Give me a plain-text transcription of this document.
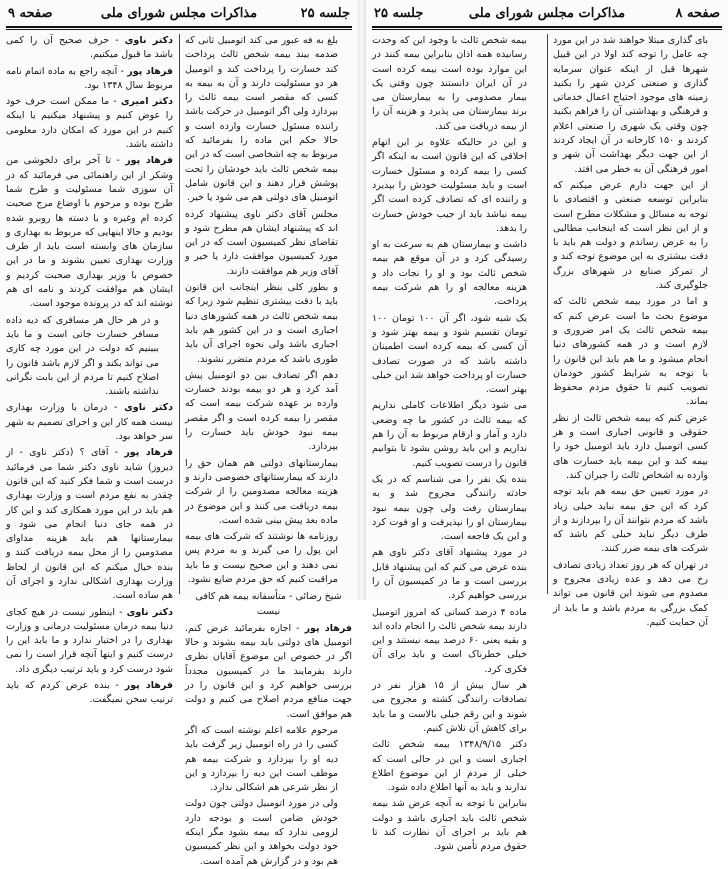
جلسه ۲۵
مذاکرات مجلس شورای ملی
صفحه ۹

بلغ به فه عبور می کند اتومبیل ثانی که صدمه بیند بیمه شخص ثالث پرداخت کند خسارت را پرداخت کند و اتومبیل هر دو مسئولیت دارند و آن به بیمه به کسی که مقصر است بیمه ثالث را بپردازد ولی اگر اتومبیل در حرکت باشد راننده مسئول خسارت وارده است و حالا حکم این ماده را بفرمائید که مربوط به چه اشخاصی است که در این بیمه شخص ثالث باید خودشان را تحت پوشش قرار دهند و این قانون شامل اتومبیل های دولتی هم می شود یا خیر.

مجلس آقای دکتر ناوی پیشنهاد کرده اند که پیشنهاد ایشان هم مطرح شود و تقاضای نظر کمیسیون است که در این مورد کمیسیون موافقت دارد یا خیر و آقای وزیر هم موافقت دارند.

و بطور کلی بنظر اینجانب این قانون باید با دقت بیشتری تنظیم شود زیرا که بیمه شخص ثالث در همه کشورهای دنیا اجباری است و در این کشور هم باید اجباری باشد ولی نحوه اجرای آن باید طوری باشد که مردم متضرر نشوند.

دهم اگر تصادف بین دو اتومبیل پیش آمد کرد و هر دو بیمه بودند خسارت وارده بر عهده شرکت بیمه است که مقصر را بیمه کرده است و اگر مقصر بیمه نبود خودش باید خسارت را بپردازد.

بیمارستانهای دولتی هم همان حق را دارند که بیمارستانهای خصوصی دارند و هزینه معالجه مصدومین را از شرکت بیمه دریافت می کنند و این موضوع در ماده بعد پیش بینی شده است.

روزنامه ها نوشتند که شرکت های بیمه این پول را می گیرند و به مردم پس نمی دهند و این صحیح نیست و ما باید مراقبت کنیم که حق مردم ضایع نشود.

شیخ رضائی - متأسفانه بیمه هم کافی نیست

فرهاد پور - اجازه بفرمائید عرض کنم. اتومبیل های دولتی باید بیمه بشوند و حالا اگر در خصوص این موضوع آقایان نظری دارند بفرمایند ما در کمیسیون مجدداً بررسی خواهیم کرد و این قانون را در جهت منافع مردم اصلاح می کنیم و دولت هم موافق است.

مرحوم علامه اعلم نوشته است که اگر کسی را در راه اتومبیل زیر گرفت باید دیه او را بپردازد و شرکت بیمه هم موظف است این دیه را بپردازد و این از نظر شرعی هم اشکالی ندارد.

ولی در مورد اتومبیل دولتی چون دولت خودش ضامن است و بودجه دارد لزومی ندارد که بیمه بشود مگر اینکه خود دولت بخواهد و این نظر کمیسیون هم بود و در گزارش هم آمده است.

دکتر ناوی - حرف صحیح آن را کمی باشد ما قبول میکنیم.

فرهاد پور - آنچه راجع به ماده اتمام نامه مربوط سال ۱۳۴۸ بود.

دکتر امیری - ما ممکن است حرف خود را عوض کنیم و پیشنهاد میکنیم یا اینکه کنیم در این مورد که امکان دارد معلومی داشته باشد.

فرهاد پور - تا آخر برای دلخوشی من وشکر از این راهنمائی می فرمائید که در آن سوزی شما مسئولیت و طرح شما طرح بوده و مرحوم با اوضاع مرج صحبت کرده ام وغیره و با دسته ها روبرو شده بودیم و حالا اینهایی که مربوط به بهداری و سازمان های وابسته است باید از طرف وزارت بهداری تعیین بشوند و ما در این خصوص با وزیر بهداری صحبت کردیم و ایشان هم موافقت کردند و نامه ای هم نوشته اند که در پرونده موجود است.

و در هر حال هر مسافری که دیه داده مسافر خسارت جانی است و ما باید ببینیم که دولت در این مورد چه کاری می تواند بکند و اگر لازم باشد قانون را اصلاح کنیم تا مردم از این بابت نگرانی نداشته باشند.

دکتر ناوی - درمان با وزارت بهداری نیست همه کار این و اجرای تصمیم به شهر سر خواهد بود.

فرهاد پور - آقای ؟ (دکتر ناوی - از دیروز) شاید ناوی دکتر شما می فرمائید درست است و شما فکر کنید که این قانون چقدر به نفع مردم است و وزارت بهداری هم باید در این مورد همکاری کند و این کار در همه جای دنیا انجام می شود و بیمارستانها هم باید هزینه مداوای مصدومین را از محل بیمه دریافت کنند و بنده خیال میکنم که این قانون از لحاظ وزارت بهداری اشکالی ندارد و اجرای آن هم ساده است.

دکتر ناوی - اینطور نیست در هیچ کجای دنیا بیمه درمان مسئولیت درمانی و وزارت بهداری را در اختیار ندارد و ما باید این را درست کنیم و اینها آنچه قرار است را نمی شود درست کرد و باید ترتیب دیگری داد.

فرهاد پور - بنده عرض کردم که باید ترتیب سخن نمیگفت.

صفحه ۸
مذاکرات مجلس شورای ملی
جلسه ۲۵

بای گذاری مبتلا خواهند شد در این مورد چه عامل را توجه کند اولا در این قبیل شهرها قبل از اینکه عنوان سرمایه گذاری و صنعتی کردن شهر را بکنید زمینه های موجود احتیاج اعمال خدماتی و فرهنگی و بهداشتی آن را فراهم بکنید چون وقتی یک شهری را صنعتی اعلام کردند و ۱۵۰ کارخانه در آن ایجاد کردند از این جهت دیگر بهداشت آن شهر و امور فرهنگی آن به خطر می افتد.

از این جهت دارم عرض میکنم که بنابراین توسعه صنعتی و اقتصادی با توجه به مسائل و مشکلات مطرح است و از این نظر است که اینجانب مطالبی را به عرض رساندم و دولت هم باید با دقت بیشتری به این موضوع توجه کند و از تمرکز صنایع در شهرهای بزرگ جلوگیری کند.

و اما در مورد بیمه شخص ثالث که موضوع بحث ما است عرض کنم که بیمه شخص ثالث یک امر ضروری و لازم است و در همه کشورهای دنیا انجام میشود و ما هم باید این قانون را با توجه به شرایط کشور خودمان تصویب کنیم تا حقوق مردم محفوظ بماند.

عرض کنم که بیمه شخص ثالث از نظر حقوقی و قانونی اجباری است و هر کسی اتومبیل دارد باید اتومبیل خود را بیمه کند و این بیمه باید خسارت های وارده به اشخاص ثالث را جبران کند.

در مورد تعیین حق بیمه هم باید توجه کرد که این حق بیمه نباید خیلی زیاد باشد که مردم نتوانند آن را بپردازند و از طرف دیگر نباید خیلی کم باشد که شرکت های بیمه ضرر کنند.

در تهران که هر روز تعداد زیادی تصادف رخ می دهد و عده زیادی مجروح و مصدوم می شوند این قانون می تواند کمک بزرگی به مردم باشد و ما باید از آن حمایت کنیم.

بیمه شخص ثالث با وجود این که وحدت رسانیده همه اذان بنابراین بیمه کنند در این موارد بوده است بیمه کرده است در آن ایران دانستند چون وقتی یک بیمار مصدومی را به بیمارستان می برند بیمارستان می پذیرد و هزینه آن را از بیمه دریافت می کند.

و این در حالیکه علاوه بر این اتهام اخلاقی که این قانون است به اینکه اگر کسی را بیمه کرده و مسئول خسارت است و باید مسئولیت خودش را بپذیرد و راننده ای که تصادف کرده است اگر بیمه نباشد باید از جیب خودش خسارت را بدهد.

داشت و بیمارستان هم به سرعت به او رسیدگی کرد و در آن موقع هم بیمه شخص ثالث بود و او را نجات داد و هزینه معالجه او را هم شرکت بیمه پرداخت.

یک شبه شود، اگر آن ۱۰۰ تومان ۱۰۰ تومان تقسیم شود و بیمه بهتر شود و آن کسی که بیمه کرده است اطمینان داشته باشد که در صورت تصادف خسارت او پرداخت خواهد شد این خیلی بهتر است.

می شود دیگر اطلاعات کاملی نداریم که بیمه ثالث در کشور ما چه وضعی دارد و آمار و ارقام مربوط به آن را هم نداریم و این باید روشن بشود تا بتوانیم قانون را درست تصویب کنیم.

بنده یک نفر را می شناسم که در یک حادثه رانندگی مجروح شد و به بیمارستان رفت ولی چون بیمه نبود بیمارستان او را نپذیرفت و او فوت کرد و این یک فاجعه است.

در مورد پیشنهاد آقای دکتر ناوی هم بنده عرض می کنم که این پیشنهاد قابل بررسی است و ما در کمیسیون آن را بررسی خواهیم کرد.

ماده ۴ درصد کسانی که امروز اتومبیل دارند بیمه شخص ثالث را انجام داده اند و بقیه یعنی ۶۰ درصد بیمه نیستند و این خیلی خطرناک است و باید برای آن فکری کرد.

هر سال بیش از ۱۵ هزار نفر در تصادفات رانندگی کشته و مجروح می شوند و این رقم خیلی بالاست و ما باید برای کاهش آن تلاش کنیم.

دکتر ۱۳۴۸/۹/۱۵ بیمه شخص ثالث اجباری است و این در حالی است که خیلی از مردم از این موضوع اطلاع ندارند و باید به آنها اطلاع داده شود.

بنابراین با توجه به آنچه عرض شد بیمه شخص ثالث باید اجباری باشد و دولت هم باید بر اجرای آن نظارت کند تا حقوق مردم تأمین شود.
